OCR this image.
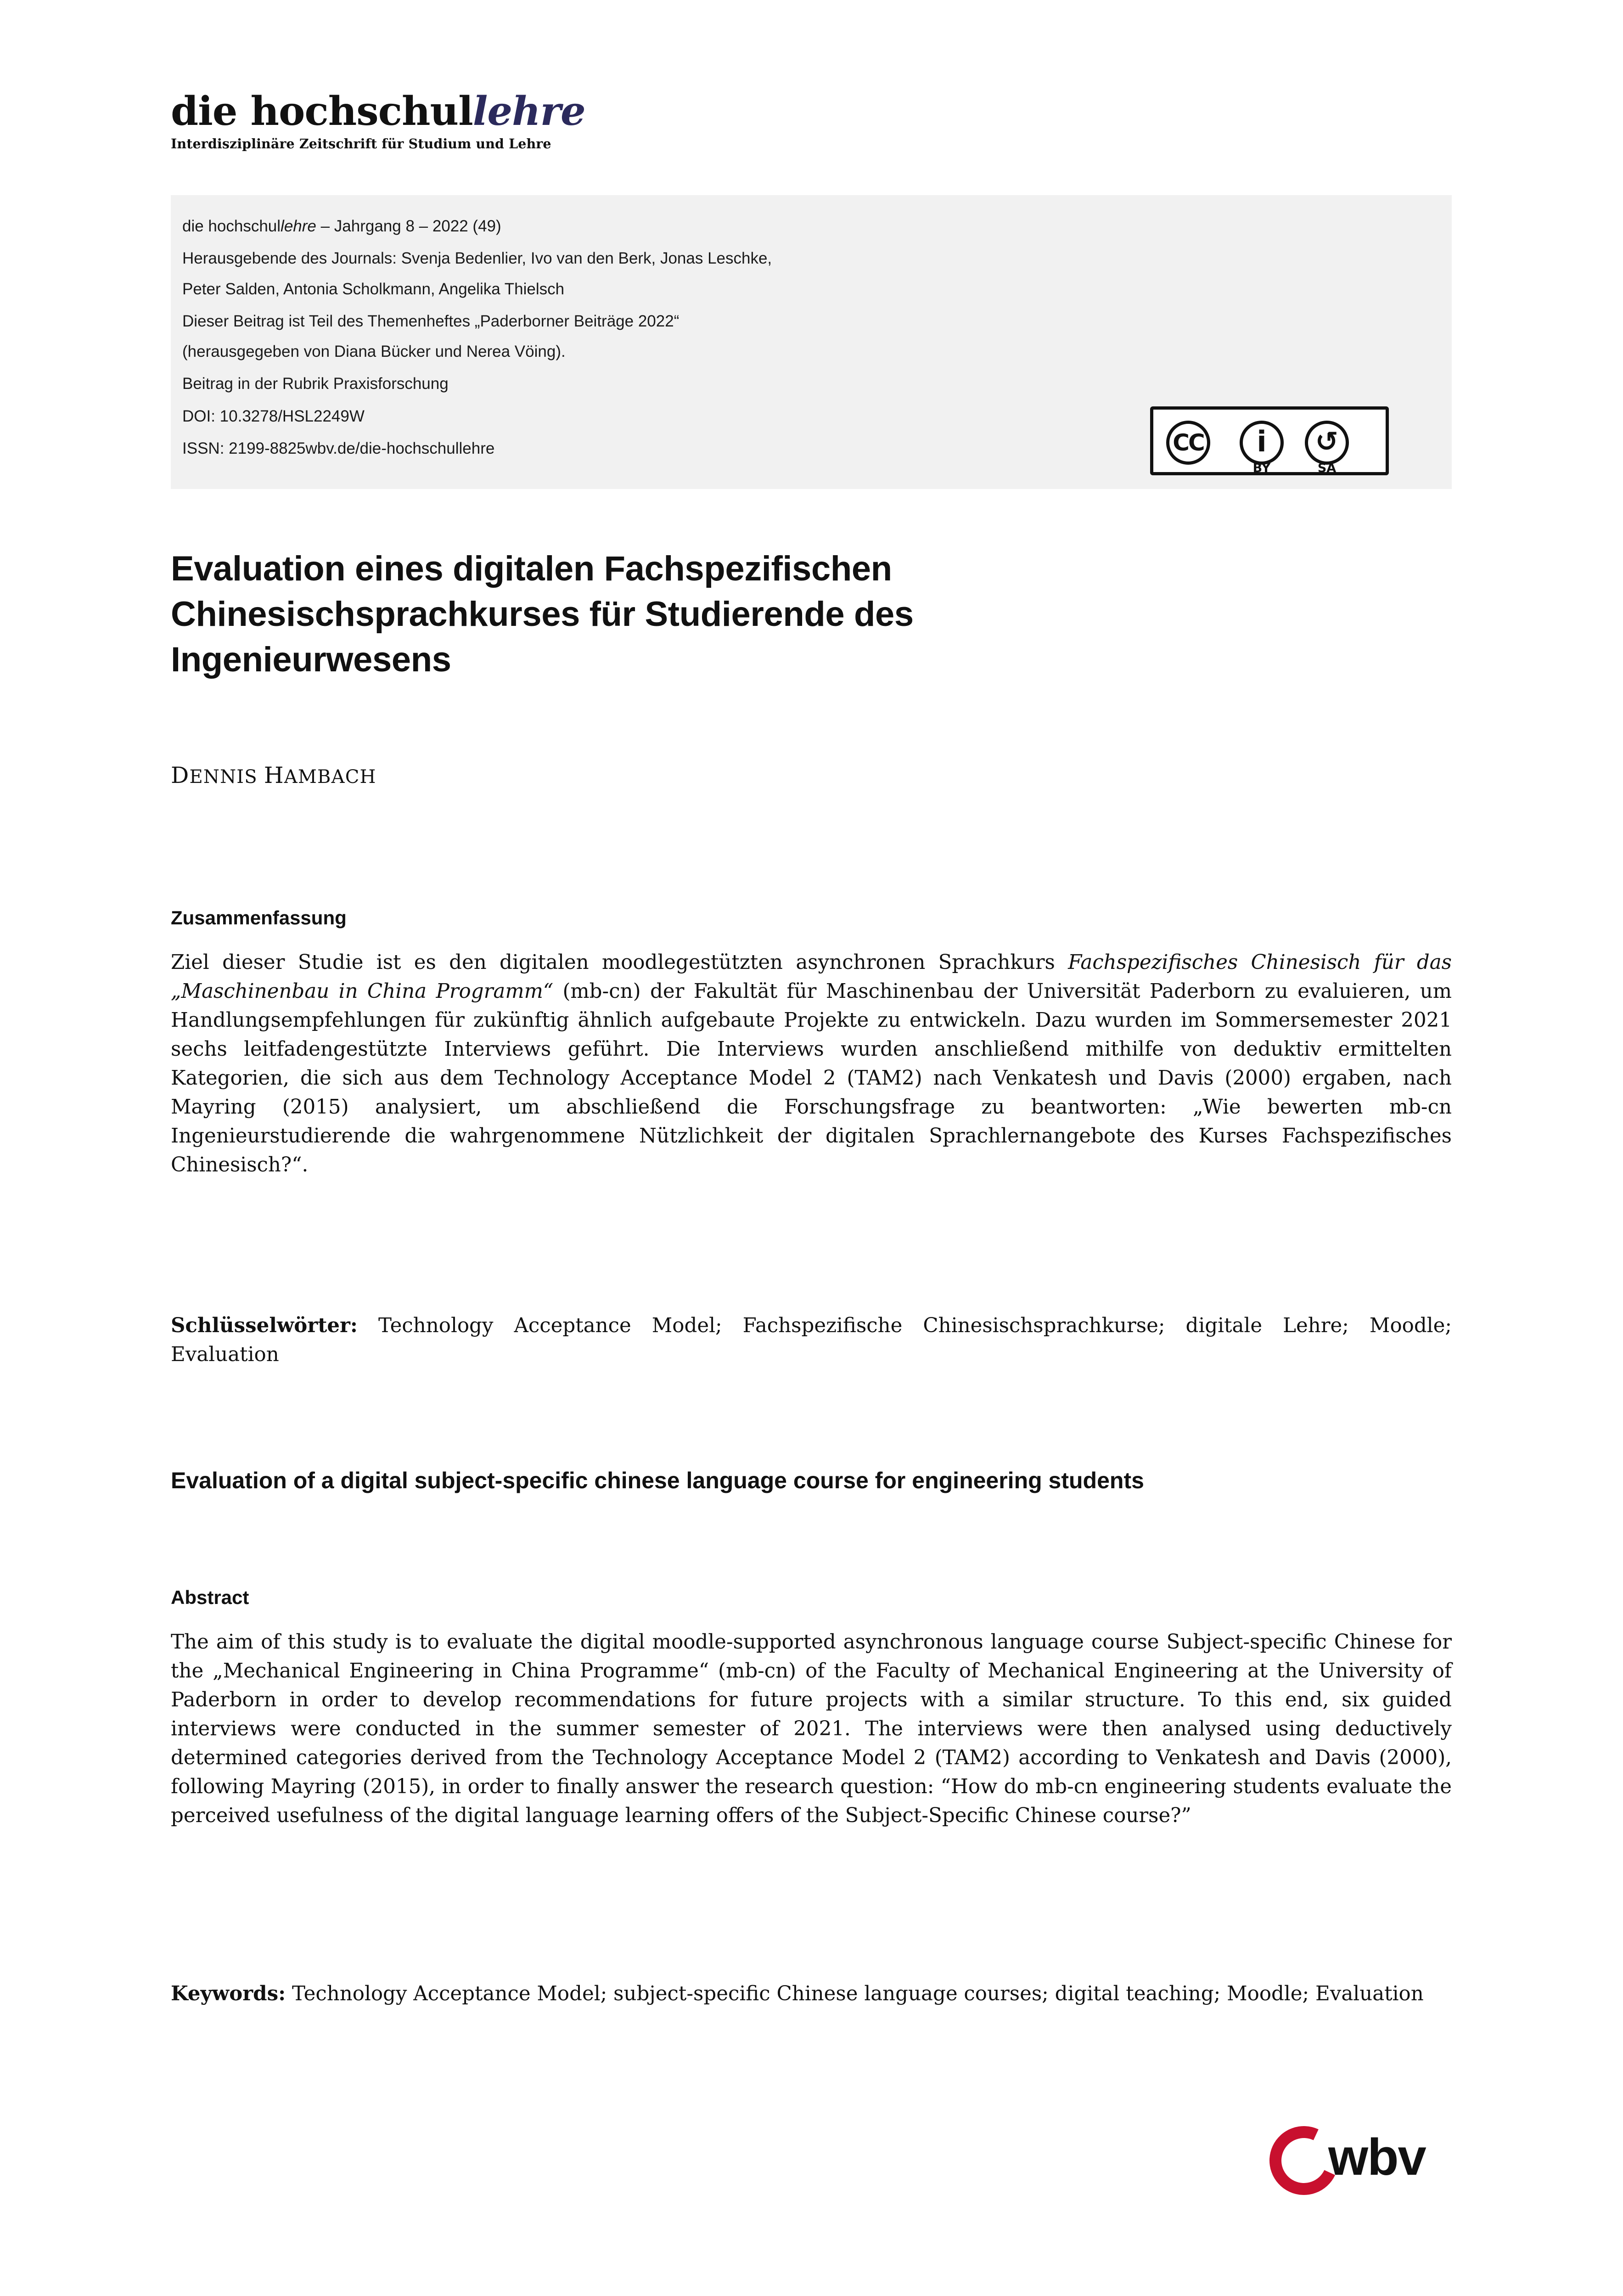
die hochschullehre
Interdisziplinäre Zeitschrift für Studium und Lehre
die hochschullehre – Jahrgang 8 – 2022 (49)
Herausgebende des Journals: Svenja Bedenlier, Ivo van den Berk, Jonas Leschke,
Peter Salden, Antonia Scholkmann, Angelika Thielsch
Dieser Beitrag ist Teil des Themenheftes „Paderborner Beiträge 2022“
(herausgegeben von Diana Bücker und Nerea Vöing).
Beitrag in der Rubrik Praxisforschung
DOI: 10.3278/HSL2249W
ISSN: 2199-8825wbv.de/die-hochschullehre	CC	i	↺
BY	SA
Evaluation eines digitalen Fachspezifischen Chinesischsprachkurses für Studierende des Ingenieurwesens
DENNIS HAMBACH
Zusammenfassung
Ziel dieser Studie ist es den digitalen moodlegestützten asynchronen Sprachkurs Fachspezifisches Chinesisch für das „Maschinenbau in China Programm“ (mb-cn) der Fakultät für Maschinenbau der Universität Paderborn zu evaluieren, um Handlungsempfehlungen für zukünftig ähnlich aufgebaute Projekte zu entwickeln. Dazu wurden im Sommersemester 2021 sechs leitfadengestützte Interviews geführt. Die Interviews wurden anschließend mithilfe von deduktiv ermittelten Kategorien, die sich aus dem Technology Acceptance Model 2 (TAM2) nach Venkatesh und Davis (2000) ergaben, nach Mayring (2015) analysiert, um abschließend die Forschungsfrage zu beantworten: „Wie bewerten mb-cn Ingenieurstudierende die wahrgenommene Nützlichkeit der digitalen Sprachlernangebote des Kurses Fachspezifisches Chinesisch?“.
Schlüsselwörter: Technology Acceptance Model; Fachspezifische Chinesischsprachkurse; digitale Lehre; Moodle; Evaluation
Evaluation of a digital subject-specific chinese language course for engineering students
Abstract
The aim of this study is to evaluate the digital moodle-supported asynchronous language course Subject-specific Chinese for the „Mechanical Engineering in China Programme“ (mb-cn) of the Faculty of Mechanical Engineering at the University of Paderborn in order to develop recommendations for future projects with a similar structure. To this end, six guided interviews were conducted in the summer semester of 2021. The interviews were then analysed using deductively determined categories derived from the Technology Acceptance Model 2 (TAM2) according to Venkatesh and Davis (2000), following Mayring (2015), in order to finally answer the research question: “How do mb-cn engineering students evaluate the perceived usefulness of the digital language learning offers of the Subject-Specific Chinese course?”
Keywords: Technology Acceptance Model; subject-specific Chinese language courses; digital teaching; Moodle; Evaluation
wbv
